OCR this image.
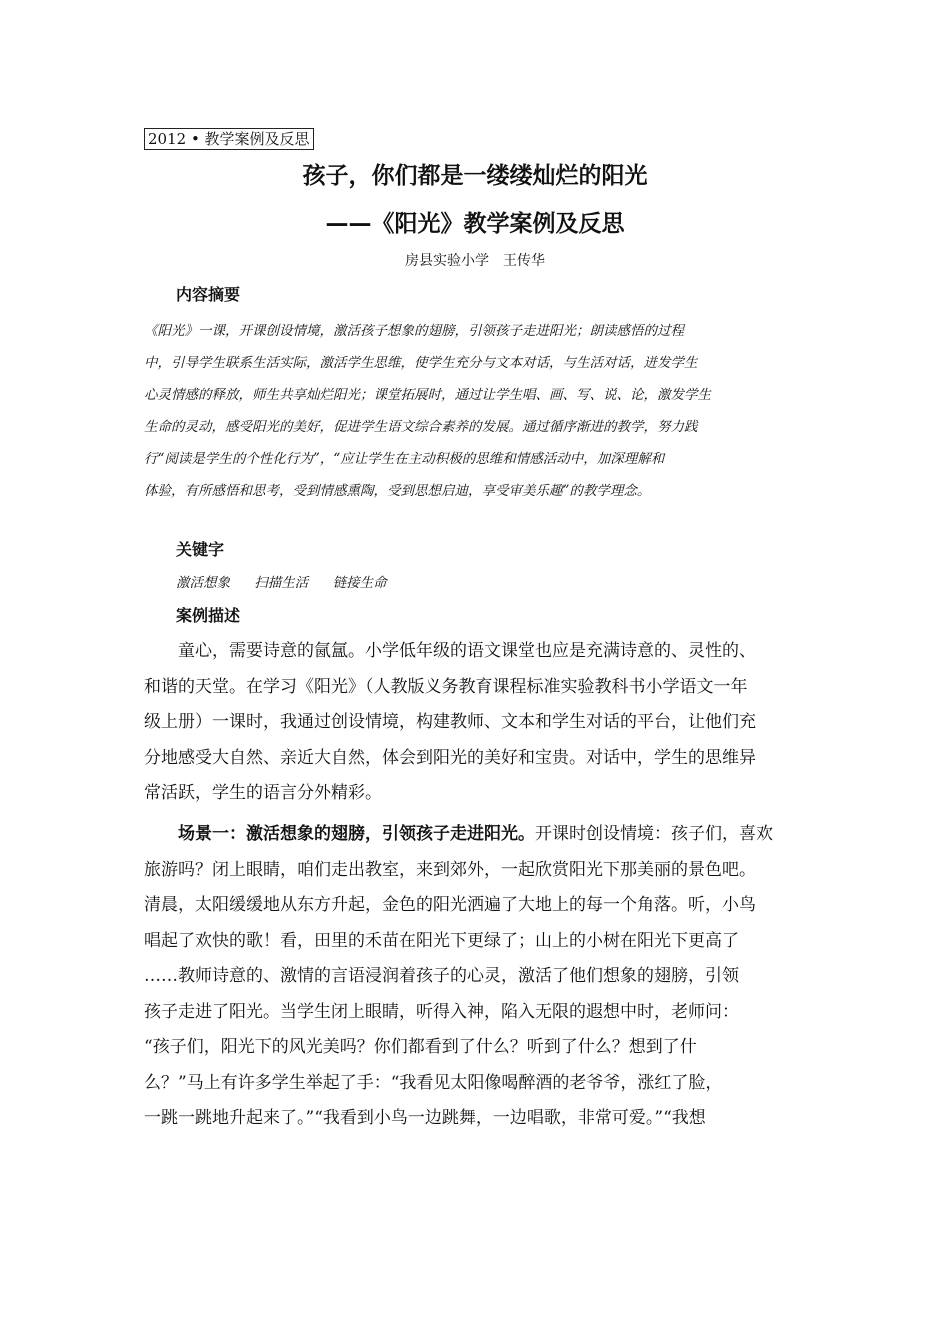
2012 • 教学案例及反思
孩子，你们都是一缕缕灿烂的阳光
——《阳光》教学案例及反思
房县实验小学　王传华
内容摘要
《阳光》一课，开课创设情境，激活孩子想象的翅膀，引领孩子走进阳光；朗读感悟的过程
中，引导学生联系生活实际，激活学生思维，使学生充分与文本对话，与生活对话，迸发学生
心灵情感的释放，师生共享灿烂阳光；课堂拓展时，通过让学生唱、画、写、说、论，激发学生
生命的灵动，感受阳光的美好，促进学生语文综合素养的发展。通过循序渐进的教学，努力践
行“阅读是学生的个性化行为”，“应让学生在主动积极的思维和情感活动中，加深理解和
体验，有所感悟和思考，受到情感熏陶，受到思想启迪，享受审美乐趣”的教学理念。
关键字
激活想象 扫描生活 链接生命
案例描述
　　童心，需要诗意的氤氲。小学低年级的语文课堂也应是充满诗意的、灵性的、
和谐的天堂。在学习《阳光》（人教版义务教育课程标准实验教科书小学语文一年
级上册）一课时，我通过创设情境，构建教师、文本和学生对话的平台，让他们充
分地感受大自然、亲近大自然，体会到阳光的美好和宝贵。对话中，学生的思维异
常活跃，学生的语言分外精彩。
　　场景一：激活想象的翅膀，引领孩子走进阳光。开课时创设情境：孩子们，喜欢
旅游吗？闭上眼睛，咱们走出教室，来到郊外，一起欣赏阳光下那美丽的景色吧。
清晨，太阳缓缓地从东方升起，金色的阳光洒遍了大地上的每一个角落。听，小鸟
唱起了欢快的歌！看，田里的禾苗在阳光下更绿了；山上的小树在阳光下更高了
……教师诗意的、激情的言语浸润着孩子的心灵，激活了他们想象的翅膀，引领
孩子走进了阳光。当学生闭上眼睛，听得入神，陷入无限的遐想中时，老师问：
“孩子们，阳光下的风光美吗？你们都看到了什么？听到了什么？想到了什
么？”马上有许多学生举起了手：“我看见太阳像喝醉酒的老爷爷，涨红了脸，
一跳一跳地升起来了。”“我看到小鸟一边跳舞，一边唱歌，非常可爱。”“我想
